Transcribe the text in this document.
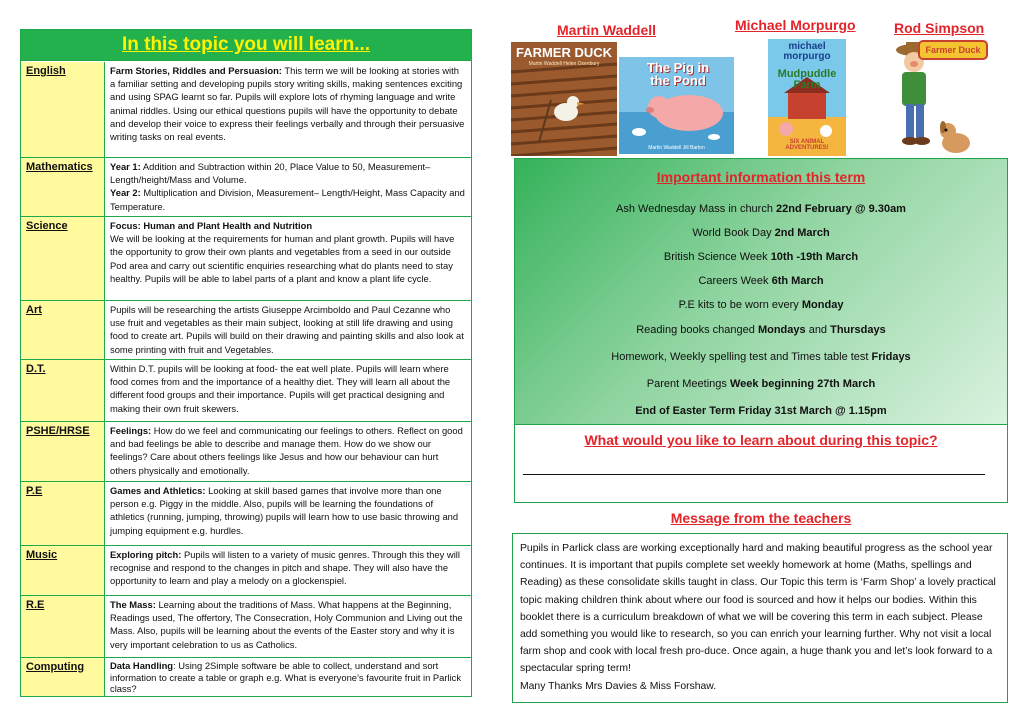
In this topic you will learn...
English	Farm Stories, Riddles and Persuasion: This term we will be looking at stories with a familiar setting and developing pupils story writing skills, making sentences exciting and using SPAG learnt so far. Pupils will explore lots of rhyming language and write animal riddles. Using our ethical questions pupils will have the opportunity to debate and develop their voice to express their feelings verbally and through their persuasive writing tasks on real events.
Mathematics	Year 1: Addition and Subtraction within 20, Place Value to 50, Measurement– Length/height/Mass and Volume.
Year 2: Multiplication and Division, Measurement– Length/Height, Mass Capacity and Temperature.
Science	Focus: Human and Plant Health and Nutrition
We will be looking at the requirements for human and plant growth. Pupils will have the opportunity to grow their own plants and vegetables from a seed in our outside Pod area and carry out scientific enquiries researching what do plants need to stay healthy. Pupils will be able to label parts of a plant and know a plant life cycle.
Art	Pupils will be researching the artists Giuseppe Arcimboldo and Paul Cezanne who use fruit and vegetables as their main subject, looking at still life drawing and using food to create art. Pupils will build on their drawing and painting skills and also look at some printing with fruit and Vegetables.
D.T.	Within D.T. pupils will be looking at food- the eat well plate. Pupils will learn where food comes from and the importance of a healthy diet. They will learn all about the different food groups and their importance. Pupils will get practical designing and making their own fruit skewers.
PSHE/HRSE	Feelings: How do we feel and communicating our feelings to others. Reflect on good and bad feelings be able to describe and manage them. How do we show our feelings? Care about others feelings like Jesus and how our behaviour can hurt others physically and emotionally.
P.E	Games and Athletics: Looking at skill based games that involve more than one person e.g. Piggy in the middle. Also, pupils will be learning the foundations of athletics (running, jumping, throwing) pupils will learn how to use basic throwing and jumping equipment e.g. hurdles.
Music	Exploring pitch: Pupils will listen to a variety of music genres. Through this they will recognise and respond to the changes in pitch and shape. They will also have the opportunity to learn and play a melody on a glockenspiel.
R.E	The Mass: Learning about the traditions of Mass. What happens at the Beginning, Readings used, The offertory, The Consecration, Holy Communion and Living out the Mass. Also, pupils will be learning about the events of the Easter story and why it is very important celebration to us as Catholics.
Computing	Data Handling: Using 2Simple software be able to collect, understand and sort information to create a table or graph e.g. What is everyone’s favourite fruit in Parlick class?
Martin Waddell	Michael Morpurgo	Rod Simpson
FARMER DUCK
Martin Waddell Helen Oxenbury	The Pig in the Pond
Martin Waddell Jill Barton
michael morpurgo
Mudpuddle Farm
SIX ANIMAL ADVENTURES!
Farmer Duck
Important information this term
Ash Wednesday Mass in church 22nd February @ 9.30am
World Book Day 2nd March
British Science Week 10th -19th March
Careers Week 6th March
P.E kits to be worn every Monday
Reading books changed Mondays and Thursdays
Homework, Weekly spelling test and Times table test Fridays
Parent Meetings Week beginning 27th March
End of Easter Term Friday 31st March @ 1.15pm
What would you like to learn about during this topic?
Message from the teachers
Pupils in Parlick class are working exceptionally hard and making beautiful progress as the school year continues. It is important that pupils complete set weekly homework at home (Maths, spellings and Reading) as these consolidate skills taught in class. Our Topic this term is ‘Farm Shop’ a lovely practical topic making children think about where our food is sourced and how it helps our bodies. Within this booklet there is a curriculum breakdown of what we will be covering this term in each subject. Please add something you would like to research, so you can enrich your learning further. Why not visit a local farm shop and cook with local fresh pro-duce. Once again, a huge thank you and let’s look forward to a spectacular spring term!
Many Thanks Mrs Davies & Miss Forshaw.
